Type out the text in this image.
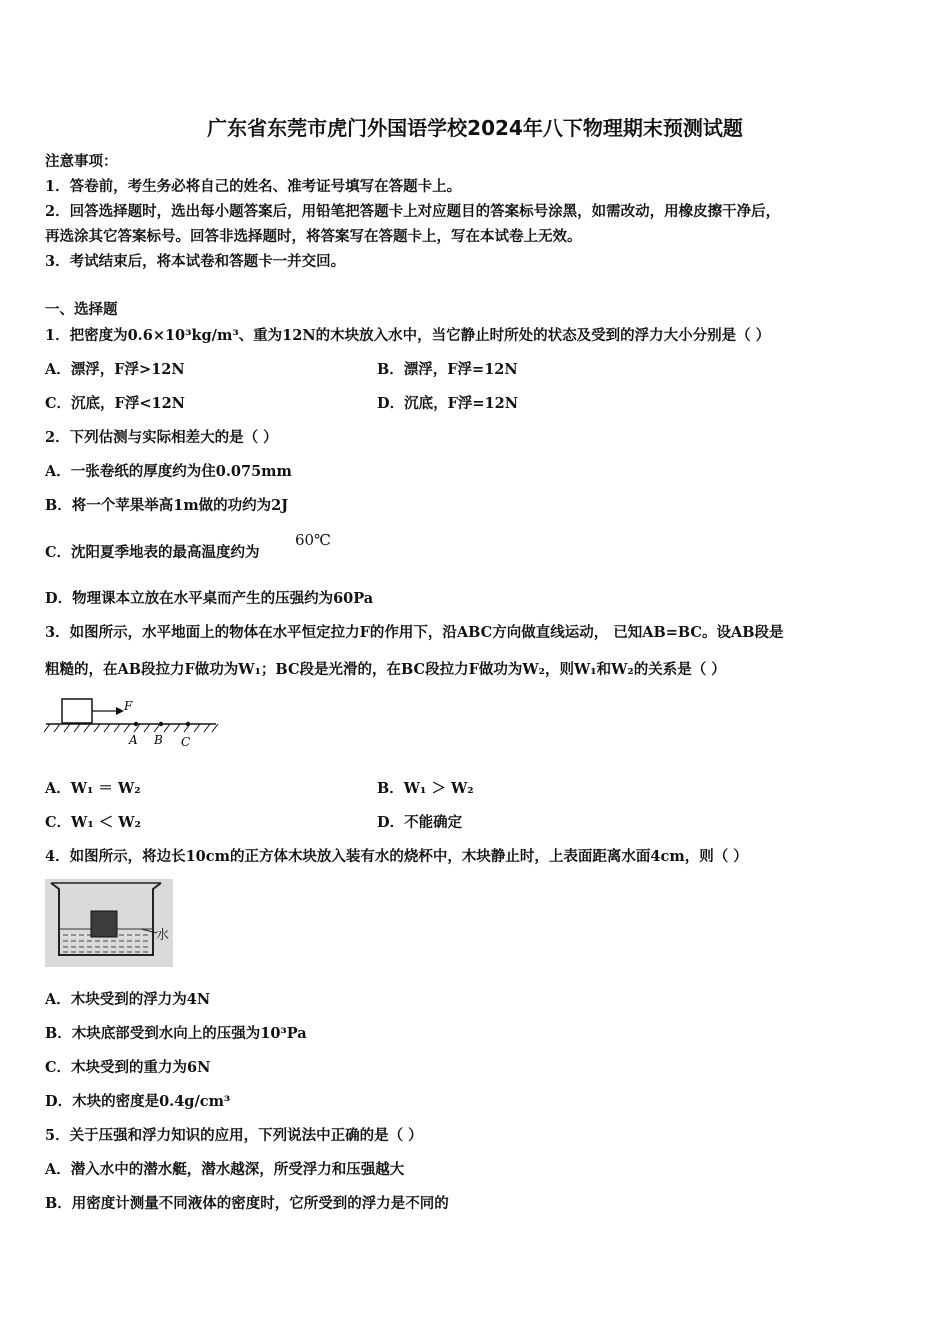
广东省东莞市虎门外国语学校2024年八下物理期末预测试题
注意事项：
1．答卷前，考生务必将自己的姓名、准考证号填写在答题卡上。
2．回答选择题时，选出每小题答案后，用铅笔把答题卡上对应题目的答案标号涂黑，如需改动，用橡皮擦干净后，
再选涂其它答案标号。回答非选择题时，将答案写在答题卡上，写在本试卷上无效。
3．考试结束后，将本试卷和答题卡一并交回。
一、选择题
1．把密度为0.6×10³kg/m³、重为12N的木块放入水中，当它静止时所处的状态及受到的浮力大小分别是（ ）
A．漂浮，F浮>12N	B．漂浮，F浮=12N
C．沉底，F浮<12N	D．沉底，F浮=12N
2．下列估测与实际相差大的是（ ）
A．一张卷纸的厚度约为住0.075mm
B．将一个苹果举高1m做的功约为2J
C．沈阳夏季地表的最高温度约为
60℃
D．物理课本立放在水平桌而产生的压强约为60Pa
3．如图所示，水平地面上的物体在水平恒定拉力F的作用下，沿ABC方向做直线运动， 已知AB=BC。设AB段是
粗糙的，在AB段拉力F做功为W₁；BC段是光滑的，在BC段拉力F做功为W₂，则W₁和W₂的关系是（ ）
F
A B C
A．W₁ ＝ W₂	B．W₁ ＞ W₂
C．W₁ ＜ W₂	D．不能确定
4．如图所示，将边长10cm的正方体木块放入装有水的烧杯中，木块静止时，上表面距离水面4cm，则（ ）
水
A．木块受到的浮力为4N
B．木块底部受到水向上的压强为10³Pa
C．木块受到的重力为6N
D．木块的密度是0.4g/cm³
5．关于压强和浮力知识的应用，下列说法中正确的是（ ）
A．潜入水中的潜水艇，潜水越深，所受浮力和压强越大
B．用密度计测量不同液体的密度时，它所受到的浮力是不同的
